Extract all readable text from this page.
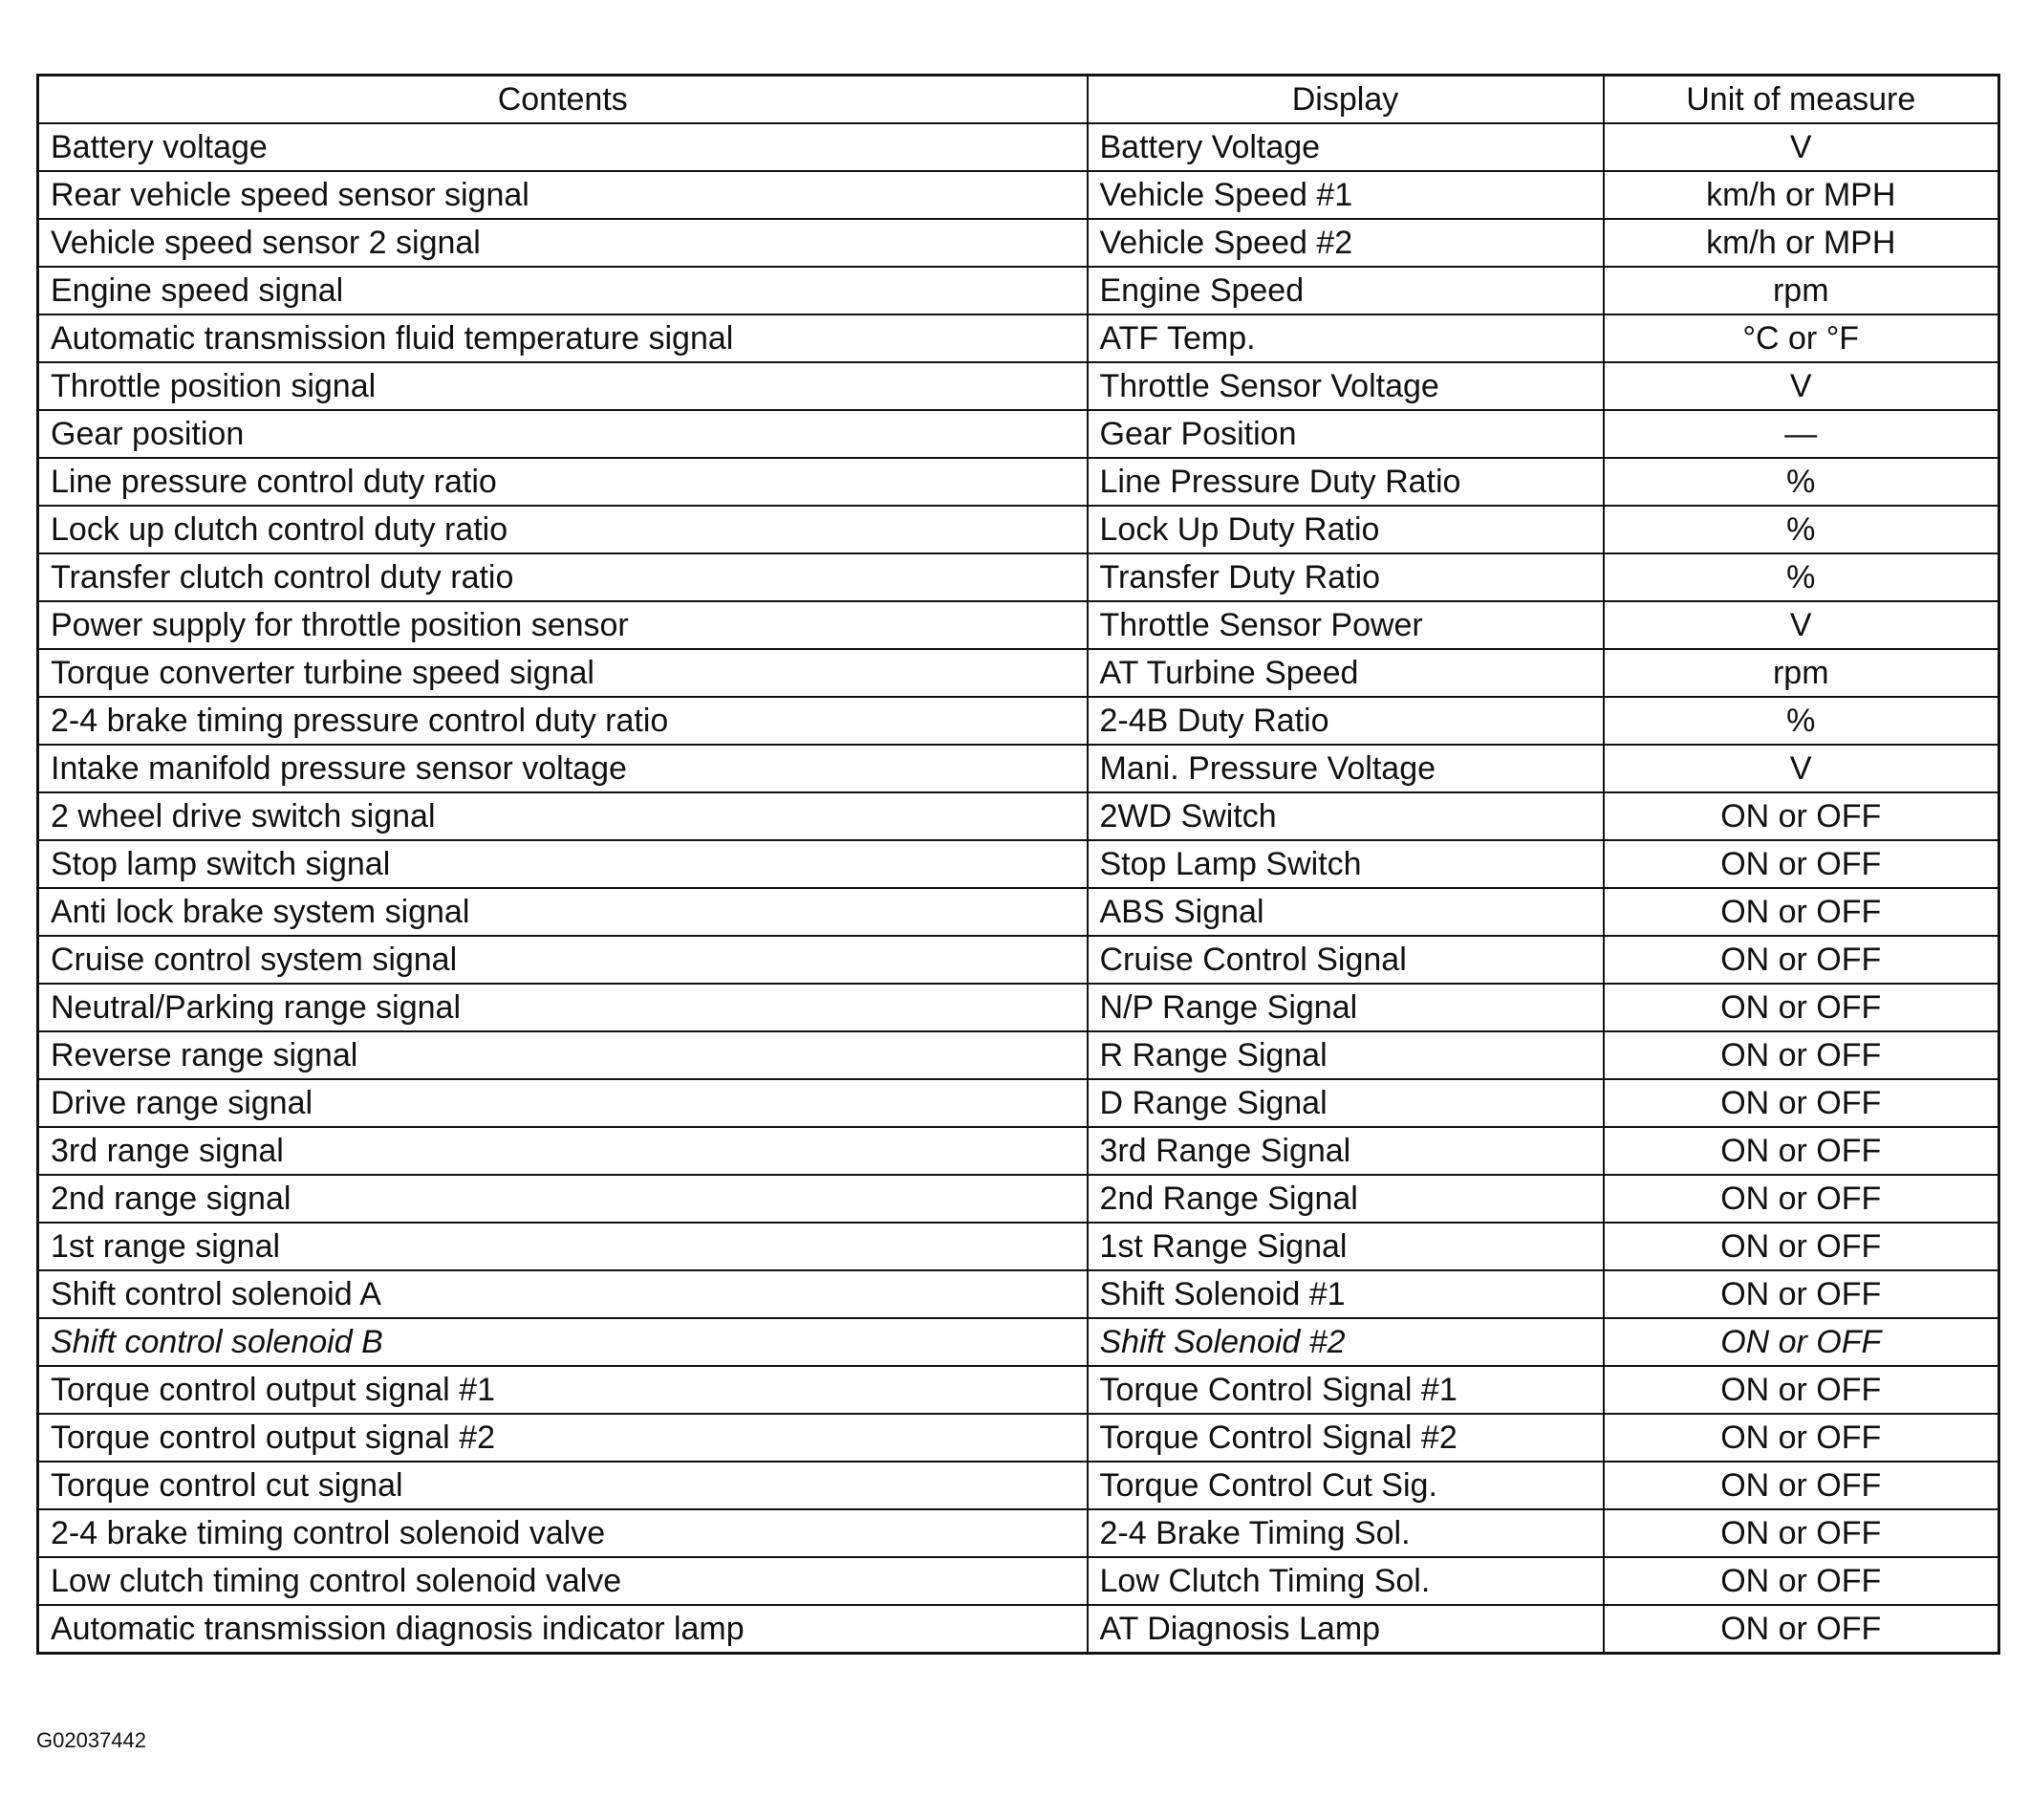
Contents	Display	Unit of measure
Battery voltage	Battery Voltage	V
Rear vehicle speed sensor signal	Vehicle Speed #1	km/h or MPH
Vehicle speed sensor 2 signal	Vehicle Speed #2	km/h or MPH
Engine speed signal	Engine Speed	rpm
Automatic transmission fluid temperature signal	ATF Temp.	°C or °F
Throttle position signal	Throttle Sensor Voltage	V
Gear position	Gear Position	—
Line pressure control duty ratio	Line Pressure Duty Ratio	%
Lock up clutch control duty ratio	Lock Up Duty Ratio	%
Transfer clutch control duty ratio	Transfer Duty Ratio	%
Power supply for throttle position sensor	Throttle Sensor Power	V
Torque converter turbine speed signal	AT Turbine Speed	rpm
2-4 brake timing pressure control duty ratio	2-4B Duty Ratio	%
Intake manifold pressure sensor voltage	Mani. Pressure Voltage	V
2 wheel drive switch signal	2WD Switch	ON or OFF
Stop lamp switch signal	Stop Lamp Switch	ON or OFF
Anti lock brake system signal	ABS Signal	ON or OFF
Cruise control system signal	Cruise Control Signal	ON or OFF
Neutral/Parking range signal	N/P Range Signal	ON or OFF
Reverse range signal	R Range Signal	ON or OFF
Drive range signal	D Range Signal	ON or OFF
3rd range signal	3rd Range Signal	ON or OFF
2nd range signal	2nd Range Signal	ON or OFF
1st range signal	1st Range Signal	ON or OFF
Shift control solenoid A	Shift Solenoid #1	ON or OFF
Shift control solenoid B	Shift Solenoid #2	ON or OFF
Torque control output signal #1	Torque Control Signal #1	ON or OFF
Torque control output signal #2	Torque Control Signal #2	ON or OFF
Torque control cut signal	Torque Control Cut Sig.	ON or OFF
2-4 brake timing control solenoid valve	2-4 Brake Timing Sol.	ON or OFF
Low clutch timing control solenoid valve	Low Clutch Timing Sol.	ON or OFF
Automatic transmission diagnosis indicator lamp	AT Diagnosis Lamp	ON or OFF
G02037442
